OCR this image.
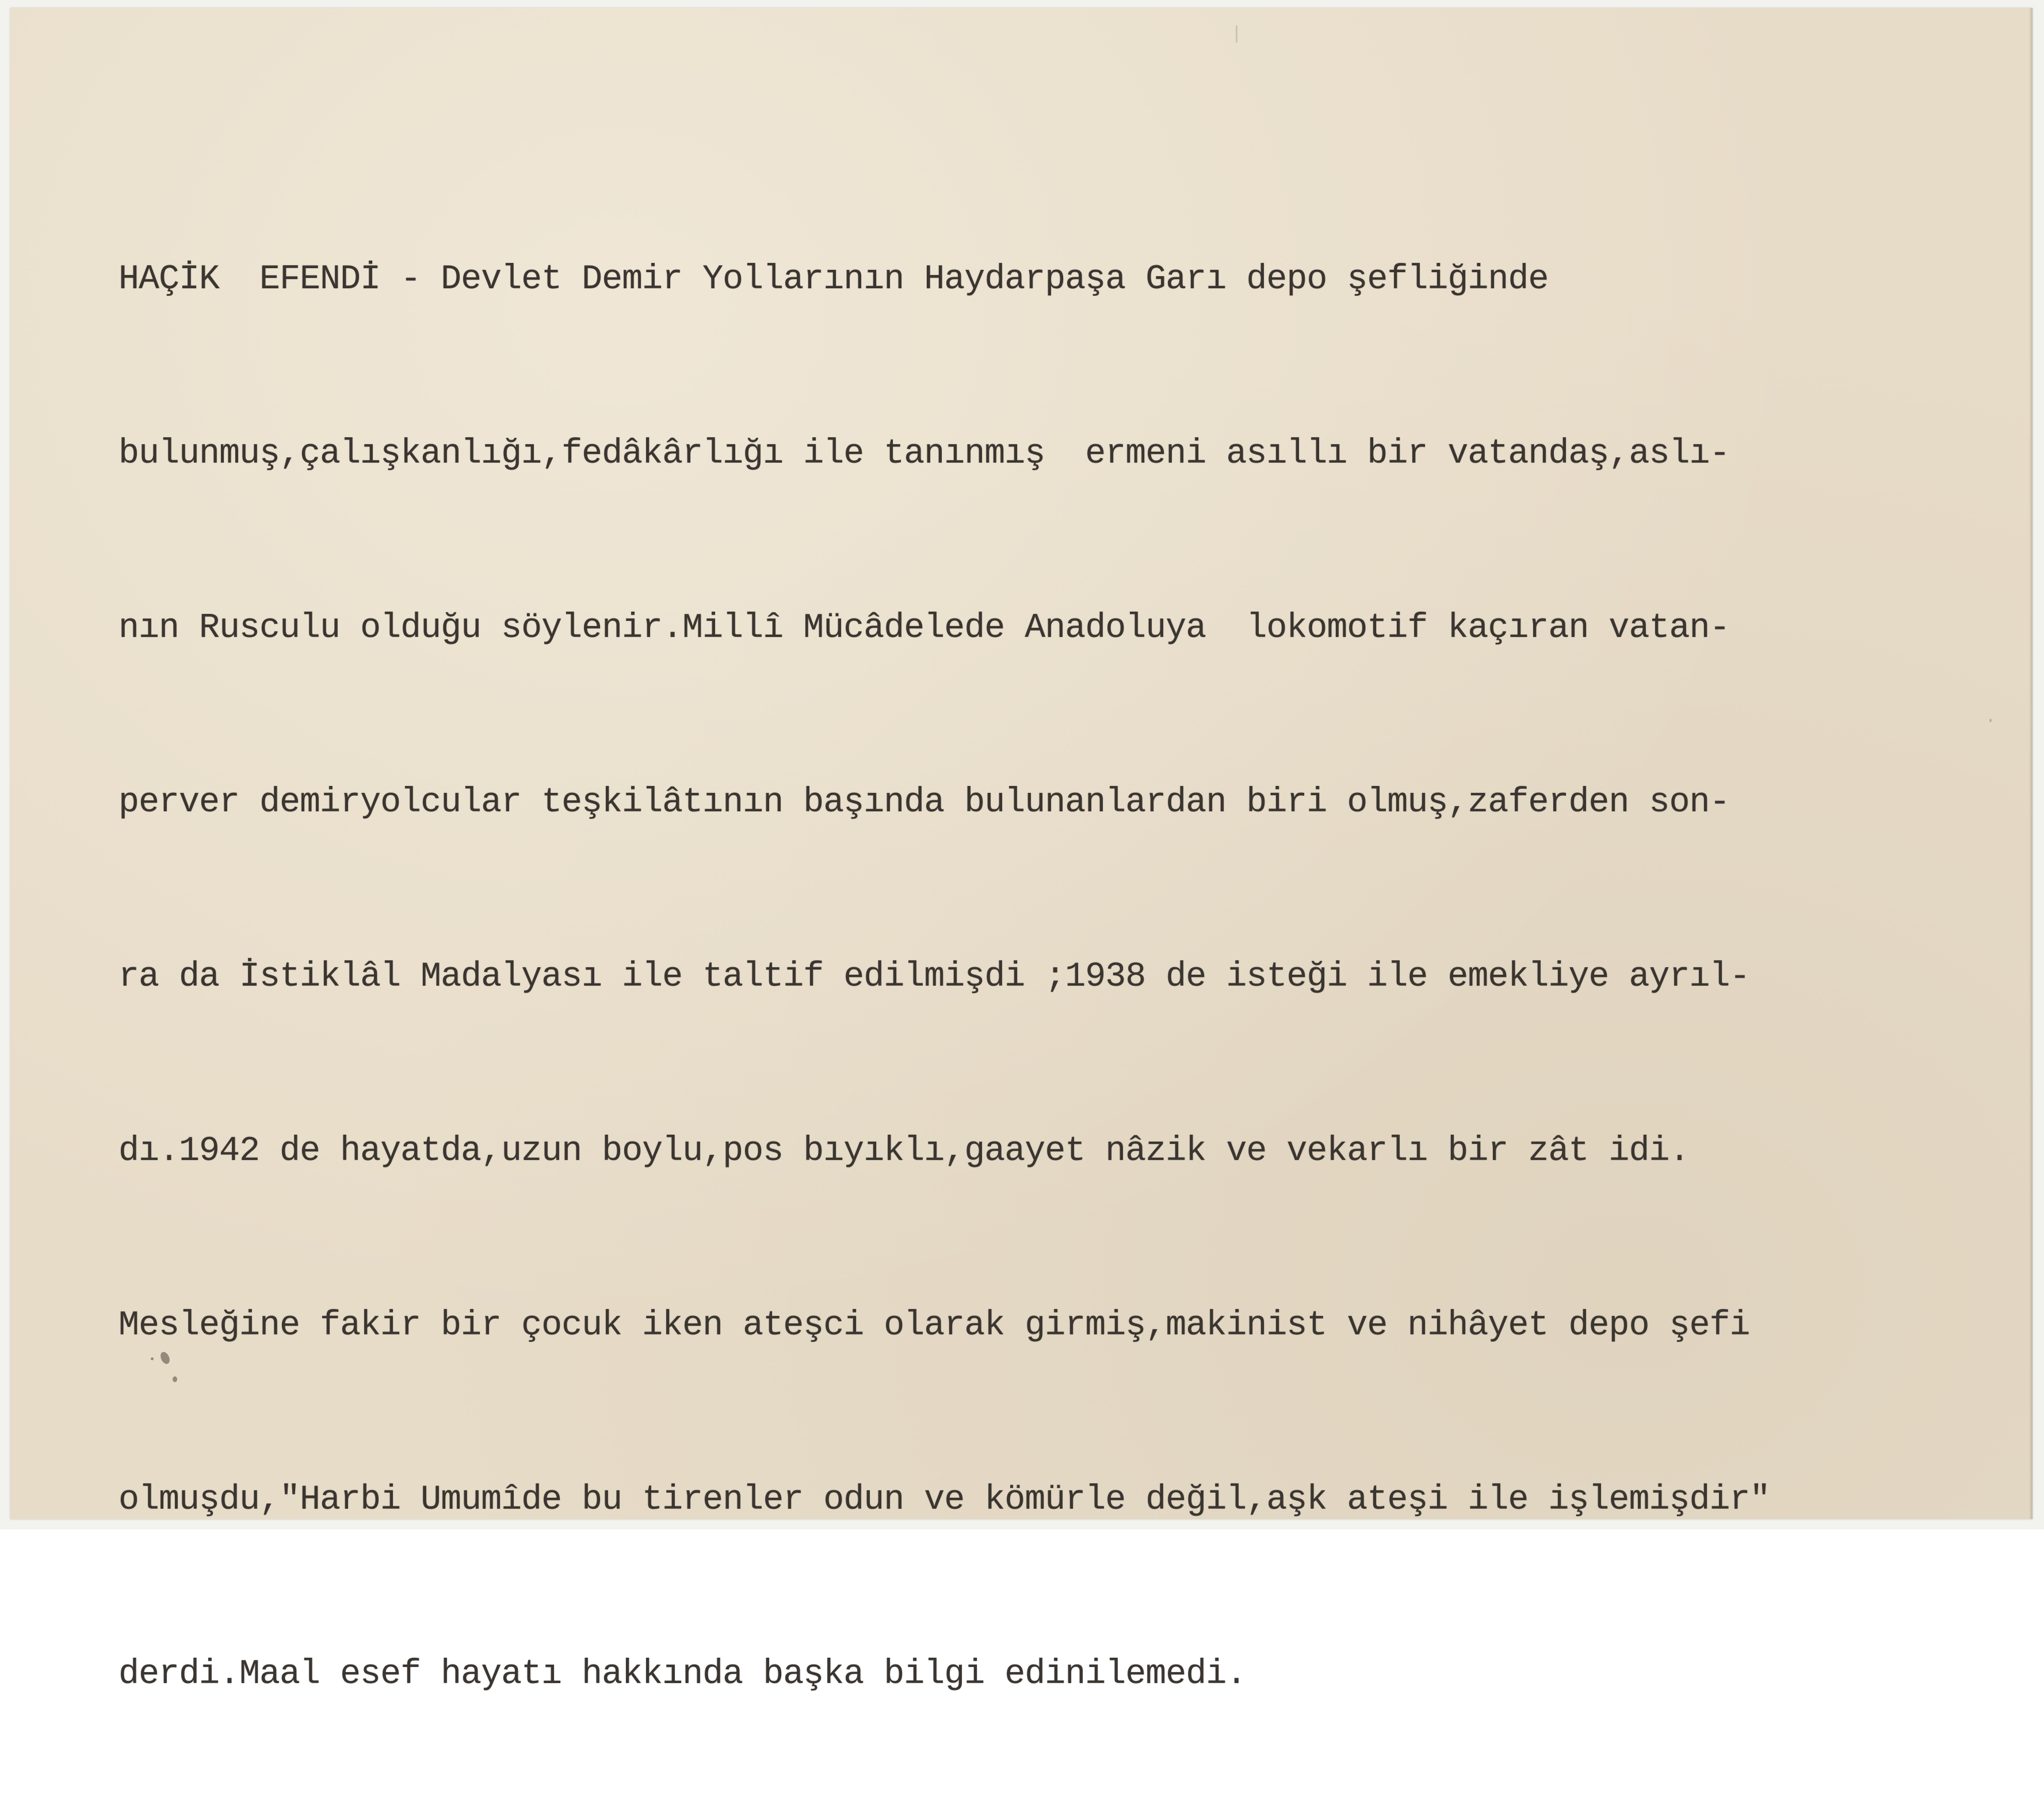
HAÇİK  EFENDİ - Devlet Demir Yollarının Haydarpaşa Garı depo şefliğinde

bulunmuş,çalışkanlığı,fedâkârlığı ile tanınmış  ermeni asıllı bir vatandaş,aslı-

nın Rusculu olduğu söylenir.Millî Mücâdelede Anadoluya  lokomotif kaçıran vatan-

perver demiryolcular teşkilâtının başında bulunanlardan biri olmuş,zaferden son-

ra da İstiklâl Madalyası ile taltif edilmişdi ;1938 de isteği ile emekliye ayrıl-

dı.1942 de hayatda,uzun boylu,pos bıyıklı,gaayet nâzik ve vekarlı bir zât idi.

Mesleğine fakir bir çocuk iken ateşci olarak girmiş,makinist ve nihâyet depo şefi

olmuşdu,"Harbi Umumîde bu tirenler odun ve kömürle değil,aşk ateşi ile işlemişdir"

derdi.Maal esef hayatı hakkında başka bilgi edinilemedi.
